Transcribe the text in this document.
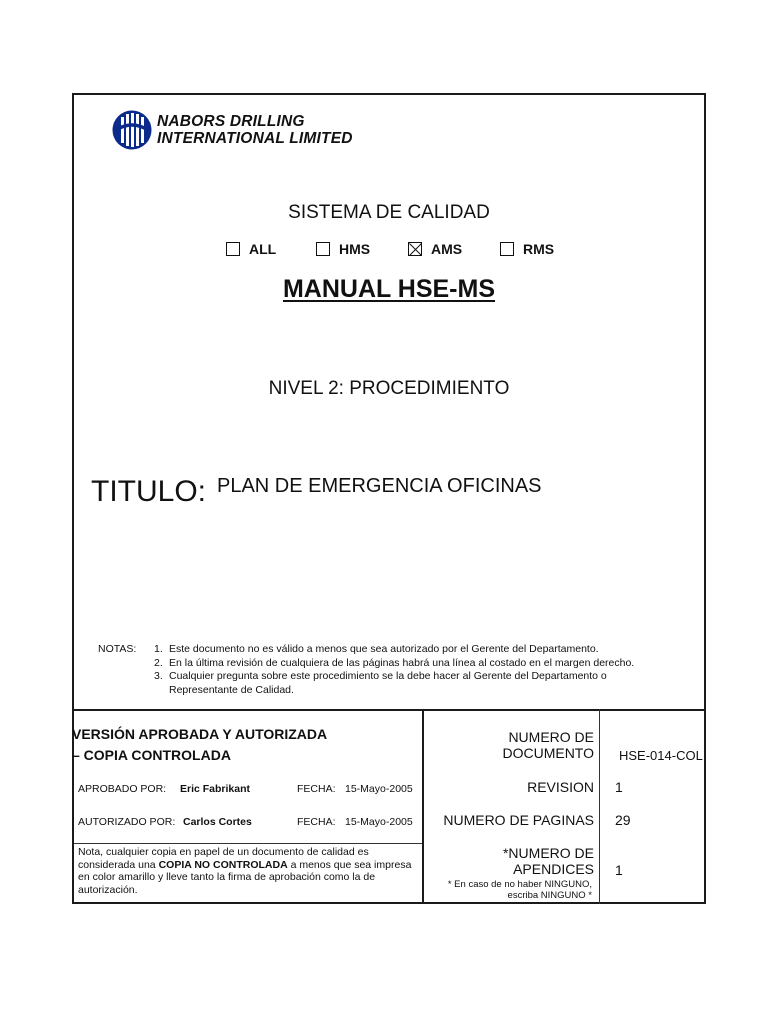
NABORS DRILLING
INTERNATIONAL LIMITED
SISTEMA DE CALIDAD
ALL	HMS	AMS	RMS
MANUAL HSE-MS
NIVEL 2: PROCEDIMIENTO
TITULO: PLAN DE EMERGENCIA OFICINAS
NOTAS: 1. Este documento no es válido a menos que sea autorizado por el Gerente del Departamento.
2. En la última revisión de cualquiera de las páginas habrá una línea al costado en el margen derecho.
3. Cualquier pregunta sobre este procedimiento se la debe hacer al Gerente del Departamento o Representante de Calidad.
VERSIÓN APROBADA Y AUTORIZADA
– COPIA CONTROLADA
APROBADO POR: Eric Fabrikant	FECHA: 15-Mayo-2005
AUTORIZADO POR: Carlos Cortes	FECHA: 15-Mayo-2005
Nota, cualquier copia en papel de un documento de calidad es considerada una COPIA NO CONTROLADA a menos que sea impresa en color amarillo y lleve tanto la firma de aprobación como la de autorización.
NUMERO DE
DOCUMENTO HSE-014-COL
REVISION 1
NUMERO DE PAGINAS 29
*NUMERO DE
APENDICES 1
* En caso de no haber NINGUNO,
escriba NINGUNO *
